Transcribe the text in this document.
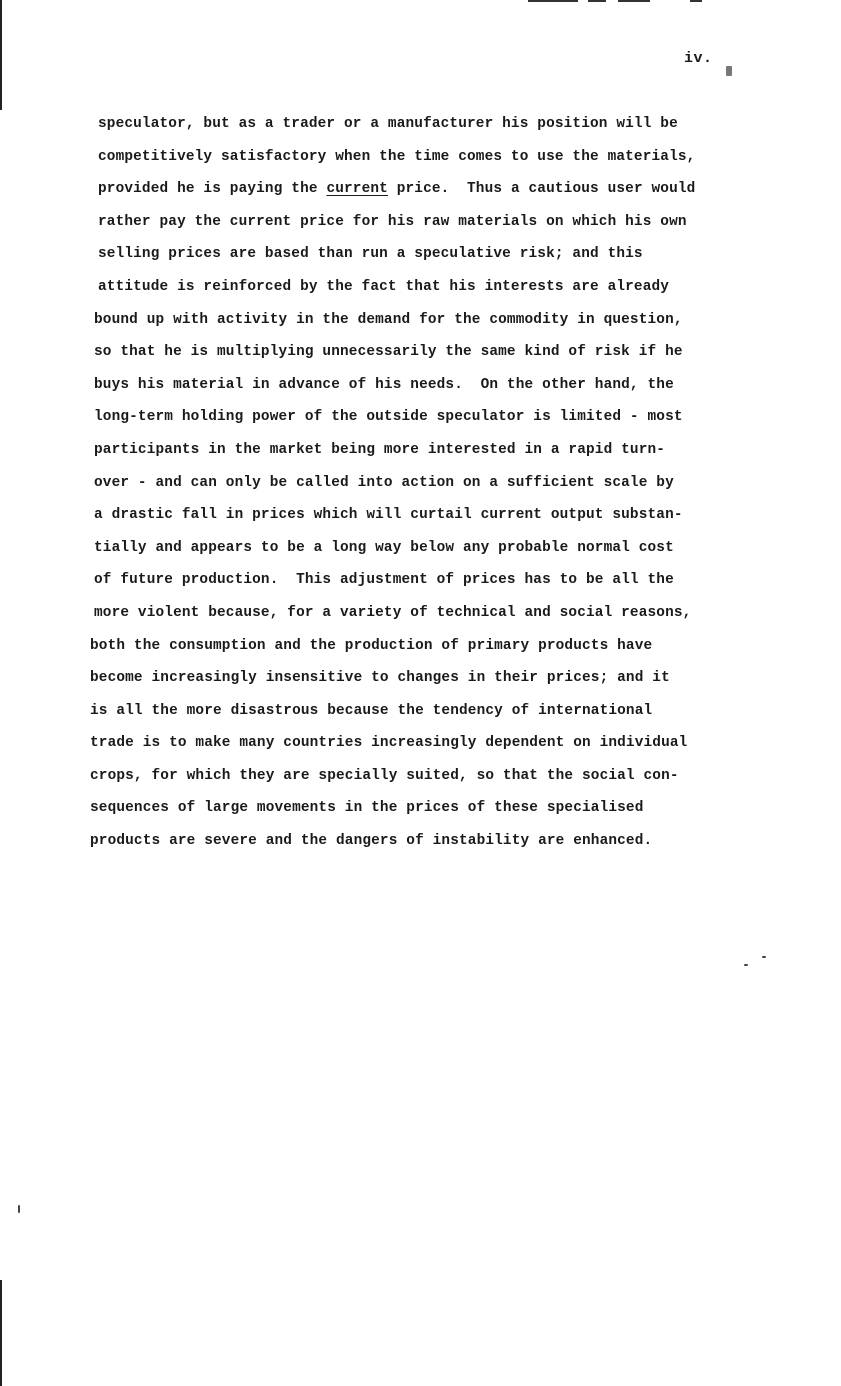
iv.
speculator, but as a trader or a manufacturer his position will be
competitively satisfactory when the time comes to use the materials,
provided he is paying the current price.  Thus a cautious user would
rather pay the current price for his raw materials on which his own
selling prices are based than run a speculative risk; and this
attitude is reinforced by the fact that his interests are already
bound up with activity in the demand for the commodity in question,
so that he is multiplying unnecessarily the same kind of risk if he
buys his material in advance of his needs.  On the other hand, the
long-term holding power of the outside speculator is limited - most
participants in the market being more interested in a rapid turn-
over - and can only be called into action on a sufficient scale by
a drastic fall in prices which will curtail current output substan-
tially and appears to be a long way below any probable normal cost
of future production.  This adjustment of prices has to be all the
more violent because, for a variety of technical and social reasons,
both the consumption and the production of primary products have
become increasingly insensitive to changes in their prices; and it
is all the more disastrous because the tendency of international
trade is to make many countries increasingly dependent on individual
crops, for which they are specially suited, so that the social con-
sequences of large movements in the prices of these specialised
products are severe and the dangers of instability are enhanced.
